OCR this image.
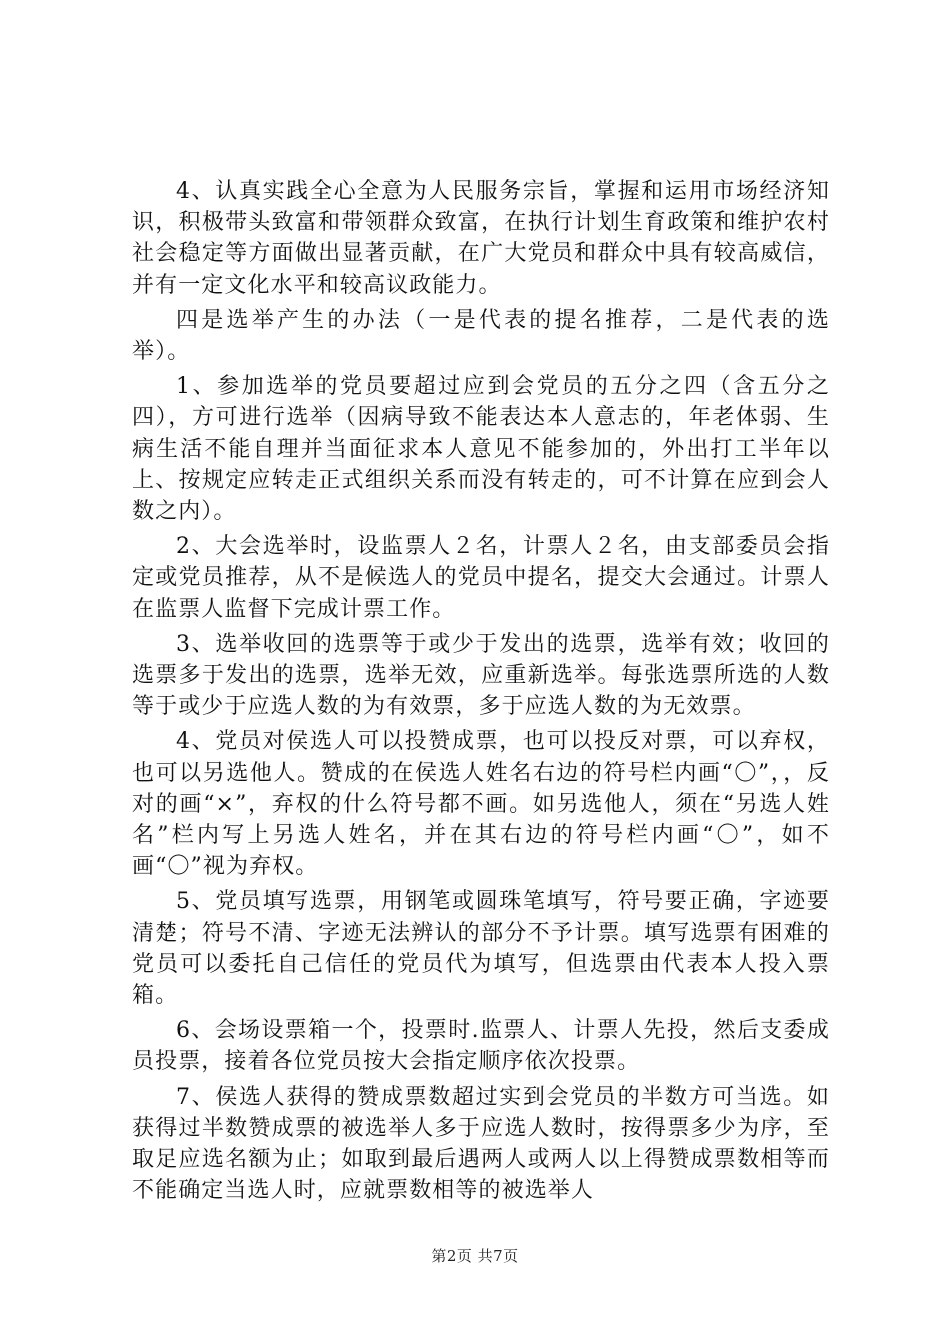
4、认真实践全心全意为人民服务宗旨，掌握和运用市场经济知识，积极带头致富和带领群众致富，在执行计划生育政策和维护农村社会稳定等方面做出显著贡献，在广大党员和群众中具有较高威信，并有一定文化水平和较高议政能力。

四是选举产生的办法（一是代表的提名推荐，二是代表的选举）。

1、参加选举的党员要超过应到会党员的五分之四（含五分之四），方可进行选举（因病导致不能表达本人意志的，年老体弱、生病生活不能自理并当面征求本人意见不能参加的，外出打工半年以上、按规定应转走正式组织关系而没有转走的，可不计算在应到会人数之内）。

2、大会选举时，设监票人２名，计票人２名，由支部委员会指定或党员推荐，从不是候选人的党员中提名，提交大会通过。计票人在监票人监督下完成计票工作。

3、选举收回的选票等于或少于发出的选票，选举有效；收回的选票多于发出的选票，选举无效，应重新选举。每张选票所选的人数等于或少于应选人数的为有效票，多于应选人数的为无效票。

4、党员对侯选人可以投赞成票，也可以投反对票，可以弃权，也可以另选他人。赞成的在侯选人姓名右边的符号栏内画“〇”，，反对的画“×”，弃权的什么符号都不画。如另选他人，须在“另选人姓名”栏内写上另选人姓名，并在其右边的符号栏内画“〇”，如不画“〇”视为弃权。

5、党员填写选票，用钢笔或圆珠笔填写，符号要正确，字迹要清楚；符号不清、字迹无法辨认的部分不予计票。填写选票有困难的党员可以委托自己信任的党员代为填写，但选票由代表本人投入票箱。

6、会场设票箱一个，投票时.监票人、计票人先投，然后支委成员投票，接着各位党员按大会指定顺序依次投票。

7、侯选人获得的赞成票数超过实到会党员的半数方可当选。如获得过半数赞成票的被选举人多于应选人数时，按得票多少为序，至取足应选名额为止；如取到最后遇两人或两人以上得赞成票数相等而不能确定当选人时，应就票数相等的被选举人

第2页 共7页
